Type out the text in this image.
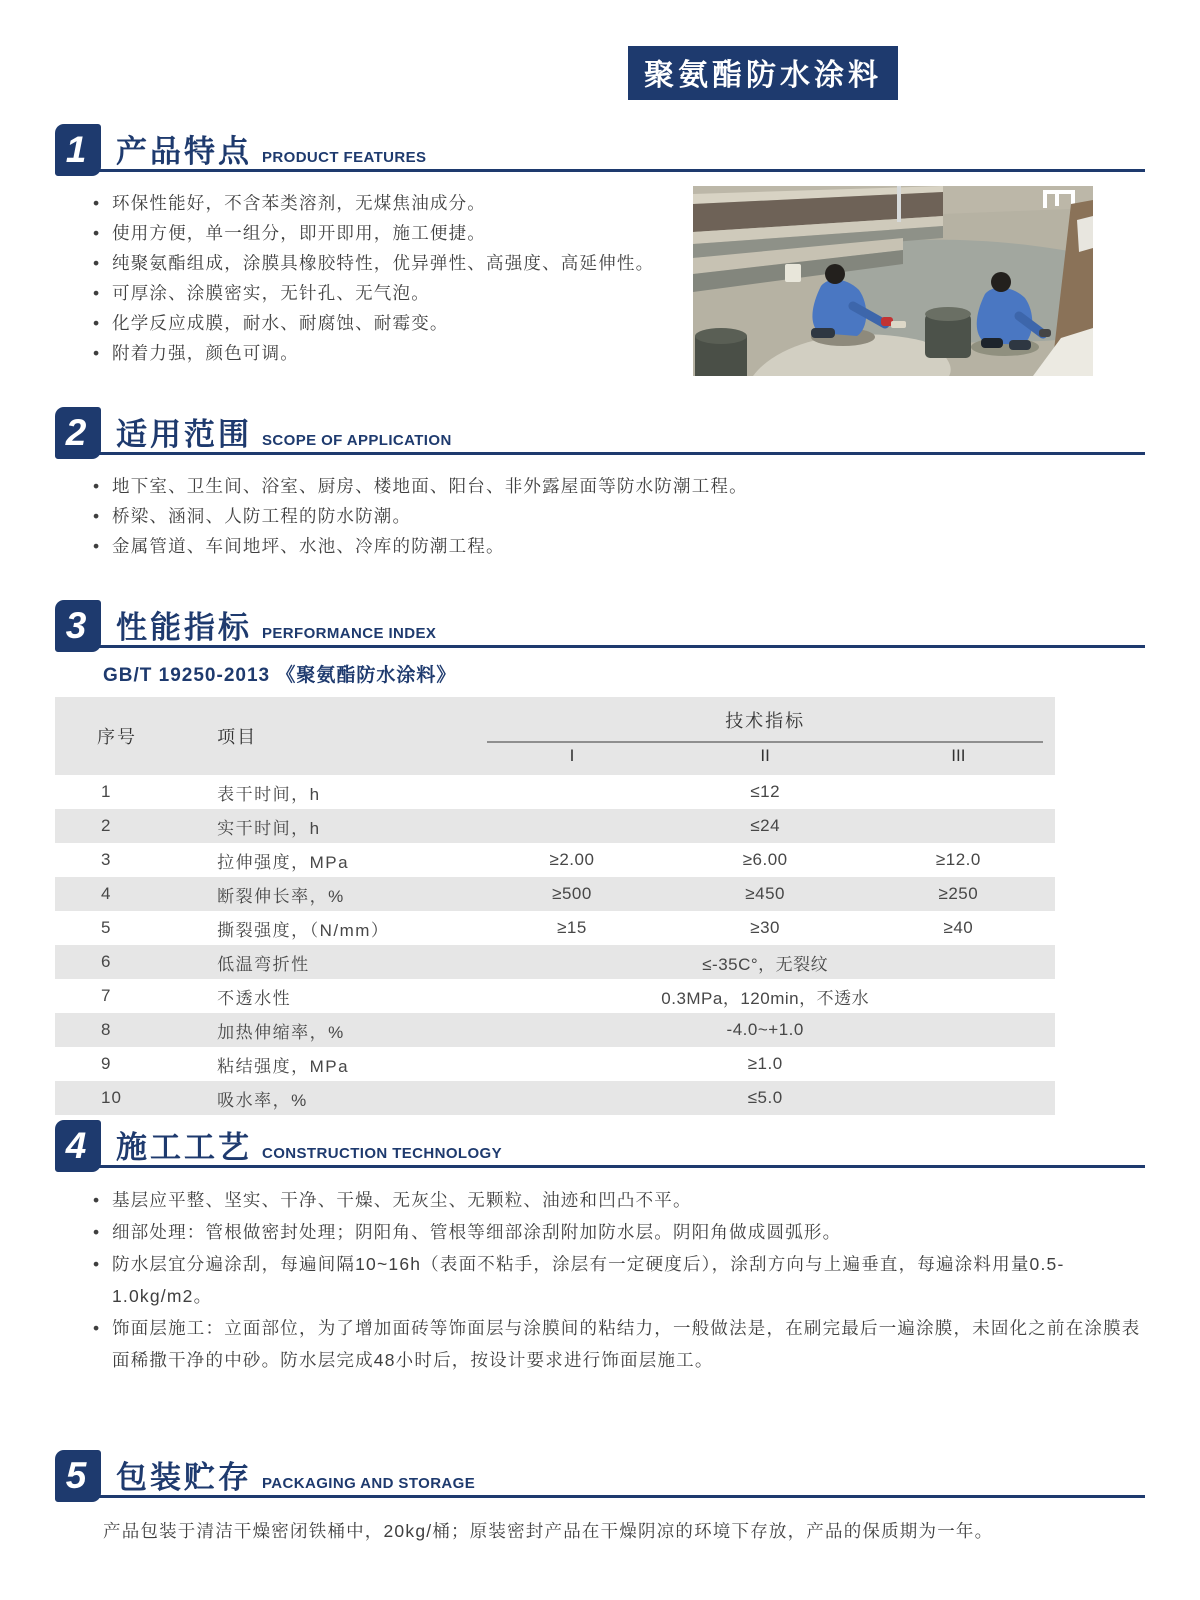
聚氨酯防水涂料
1 产品特点 PRODUCT FEATURES
• 环保性能好，不含苯类溶剂，无煤焦油成分。
• 使用方便，单一组分，即开即用，施工便捷。
• 纯聚氨酯组成，涂膜具橡胶特性，优异弹性、高强度、高延伸性。
• 可厚涂、涂膜密实，无针孔、无气泡。
• 化学反应成膜，耐水、耐腐蚀、耐霉变。
• 附着力强，颜色可调。
2 适用范围 SCOPE OF APPLICATION
• 地下室、卫生间、浴室、厨房、楼地面、阳台、非外露屋面等防水防潮工程。
• 桥梁、涵洞、人防工程的防水防潮。
• 金属管道、车间地坪、水池、冷库的防潮工程。
3 性能指标 PERFORMANCE INDEX
GB/T 19250-2013 《聚氨酯防水涂料》
序号	项目	技术指标		

		I	II	III
1	表干时间，h	≤12		
2	实干时间，h	≤24		
3	拉伸强度，MPa	≥2.00	≥6.00	≥12.0
4	断裂伸长率，%	≥500	≥450	≥250
5	撕裂强度，（N/mm）	≥15	≥30	≥40
6	低温弯折性	≤-35C°，无裂纹		
7	不透水性	0.3MPa，120min，不透水		
8	加热伸缩率，%	-4.0~+1.0		
9	粘结强度，MPa	≥1.0		
10	吸水率，%	≤5.0		
4 施工工艺 CONSTRUCTION TECHNOLOGY
• 基层应平整、坚实、干净、干燥、无灰尘、无颗粒、油迹和凹凸不平。
• 细部处理：管根做密封处理；阴阳角、管根等细部涂刮附加防水层。阴阳角做成圆弧形。
• 防水层宜分遍涂刮，每遍间隔10~16h（表面不粘手，涂层有一定硬度后），涂刮方向与上遍垂直，每遍涂料用量0.5-1.0kg/m2。
• 饰面层施工：立面部位，为了增加面砖等饰面层与涂膜间的粘结力，一般做法是，在刷完最后一遍涂膜，未固化之前在涂膜表面稀撒干净的中砂。防水层完成48小时后，按设计要求进行饰面层施工。
5 包装贮存 PACKAGING AND STORAGE
产品包装于清洁干燥密闭铁桶中，20kg/桶；原装密封产品在干燥阴凉的环境下存放，产品的保质期为一年。
